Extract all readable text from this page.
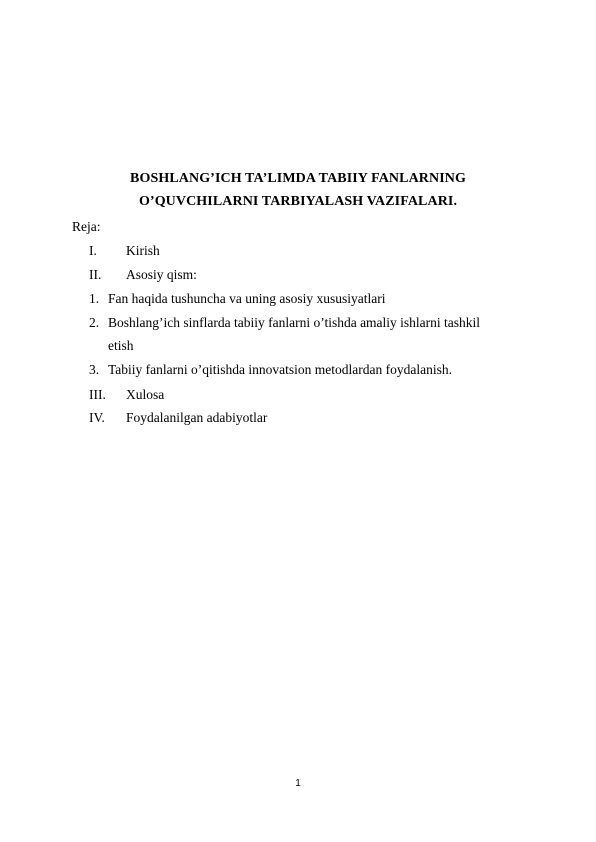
BOSHLANG’ICH TA’LIMDA TABIIY FANLARNING
O’QUVCHILARNI TARBIYALASH VAZIFALARI.
Reja:
I. Kirish
II. Asosiy qism:
1. Fan haqida tushuncha va uning asosiy xususiyatlari
2. Boshlang’ich sinflarda tabiiy fanlarni o’tishda amaliy ishlarni tashkil
etish
3. Tabiiy fanlarni o’qitishda innovatsion metodlardan foydalanish.
III. Xulosa
IV. Foydalanilgan adabiyotlar
1
